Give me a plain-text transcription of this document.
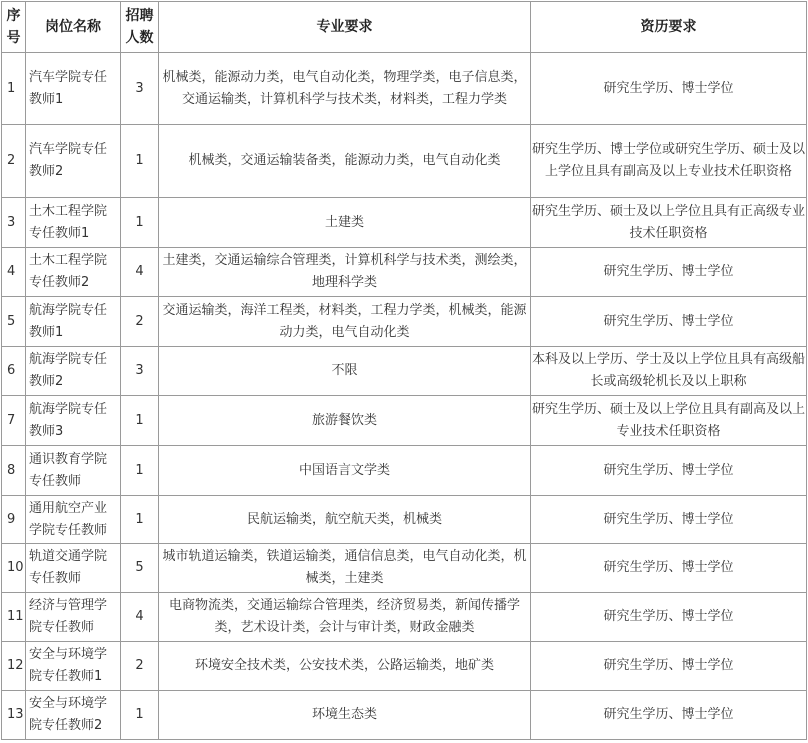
序号	岗位名称	招聘人数	专业要求	资历要求
1	汽车学院专任教师1	3	机械类，能源动力类，电气自动化类，物理学类，电子信息类，交通运输类，计算机科学与技术类，材料类，工程力学类	研究生学历、博士学位
2	汽车学院专任教师2	1	机械类，交通运输装备类，能源动力类，电气自动化类	研究生学历、博士学位或研究生学历、硕士及以上学位且具有副高及以上专业技术任职资格
3	土木工程学院专任教师1	1	土建类	研究生学历、硕士及以上学位且具有正高级专业技术任职资格
4	土木工程学院专任教师2	4	土建类，交通运输综合管理类，计算机科学与技术类，测绘类，地理科学类	研究生学历、博士学位
5	航海学院专任教师1	2	交通运输类，海洋工程类，材料类，工程力学类，机械类，能源动力类，电气自动化类	研究生学历、博士学位
6	航海学院专任教师2	3	不限	本科及以上学历、学士及以上学位且具有高级船长或高级轮机长及以上职称
7	航海学院专任教师3	1	旅游餐饮类	研究生学历、硕士及以上学位且具有副高及以上专业技术任职资格
8	通识教育学院专任教师	1	中国语言文学类	研究生学历、博士学位
9	通用航空产业学院专任教师	1	民航运输类，航空航天类，机械类	研究生学历、博士学位
10	轨道交通学院专任教师	5	城市轨道运输类，铁道运输类，通信信息类，电气自动化类，机械类，土建类	研究生学历、博士学位
11	经济与管理学院专任教师	4	电商物流类，交通运输综合管理类，经济贸易类，新闻传播学类，艺术设计类，会计与审计类，财政金融类	研究生学历、博士学位
12	安全与环境学院专任教师1	2	环境安全技术类，公安技术类，公路运输类，地矿类	研究生学历、博士学位
13	安全与环境学院专任教师2	1	环境生态类	研究生学历、博士学位
